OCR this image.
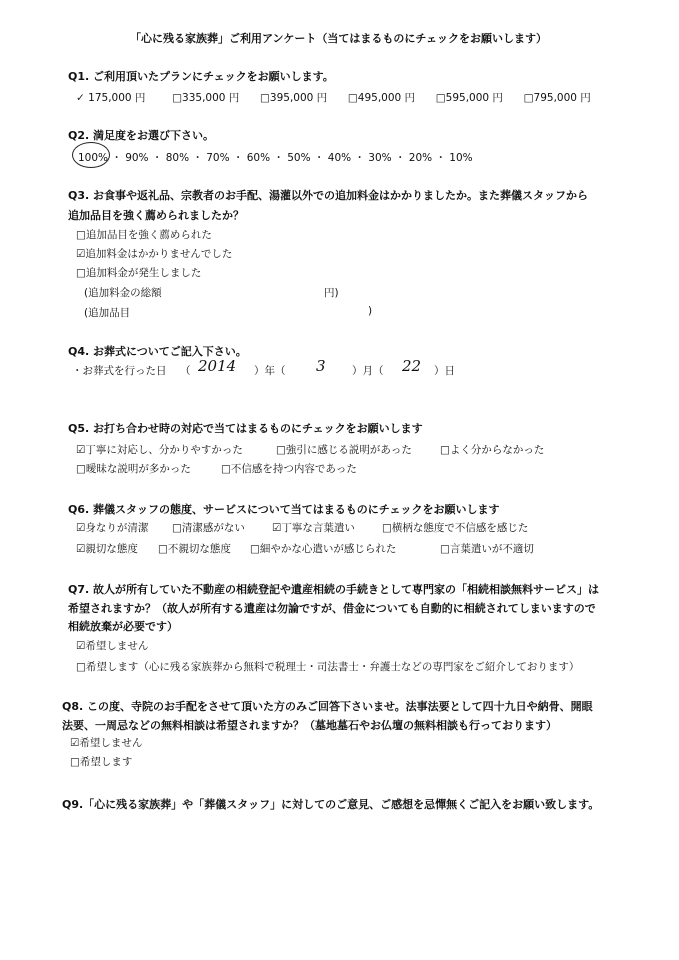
「心に残る家族葬」ご利用アンケート（当てはまるものにチェックをお願いします）
Q1. ご利用頂いたプランにチェックをお願いします。
✓ 175,000 円	□335,000 円 □395,000 円 □495,000 円 □595,000 円 □795,000 円
Q2. 満足度をお選び下さい。
100% ・ 90% ・ 80% ・ 70% ・ 60% ・ 50% ・ 40% ・ 30% ・ 20% ・ 10%
Q3. お食事や返礼品、宗教者のお手配、湯灌以外での追加料金はかかりましたか。また葬儀スタッフから
追加品目を強く薦められましたか？
□追加品目を強く薦められた
☑追加料金はかかりませんでした
□追加料金が発生しました
(追加料金の総額	円)
(追加品目	)
Q4. お葬式についてご記入下さい。
・お葬式を行った日 （ 2014 ）年（ 3	）月（ 22 ）日
Q5. お打ち合わせ時の対応で当てはまるものにチェックをお願いします
☑丁寧に対応し、分かりやすかった	□強引に感じる説明があった	□よく分からなかった
□曖昧な説明が多かった	□不信感を持つ内容であった
Q6. 葬儀スタッフの態度、サービスについて当てはまるものにチェックをお願いします
☑身なりが清潔 □清潔感がない	☑丁寧な言葉遣い	□横柄な態度で不信感を感じた
☑親切な態度 □不親切な態度 □細やかな心遣いが感じられた	□言葉遣いが不適切
Q7. 故人が所有していた不動産の相続登記や遺産相続の手続きとして専門家の「相続相談無料サービス」は
希望されますか？（故人が所有する遺産は勿論ですが、借金についても自動的に相続されてしまいますので
相続放棄が必要です）
☑希望しません
□希望します（心に残る家族葬から無料で税理士・司法書士・弁護士などの専門家をご紹介しております）
Q8. この度、寺院のお手配をさせて頂いた方のみご回答下さいませ。法事法要として四十九日や納骨、開眼
法要、一周忌などの無料相談は希望されますか？（墓地墓石やお仏壇の無料相談も行っております）
☑希望しません
□希望します
Q9.「心に残る家族葬」や「葬儀スタッフ」に対してのご意見、ご感想を忌憚無くご記入をお願い致します。
